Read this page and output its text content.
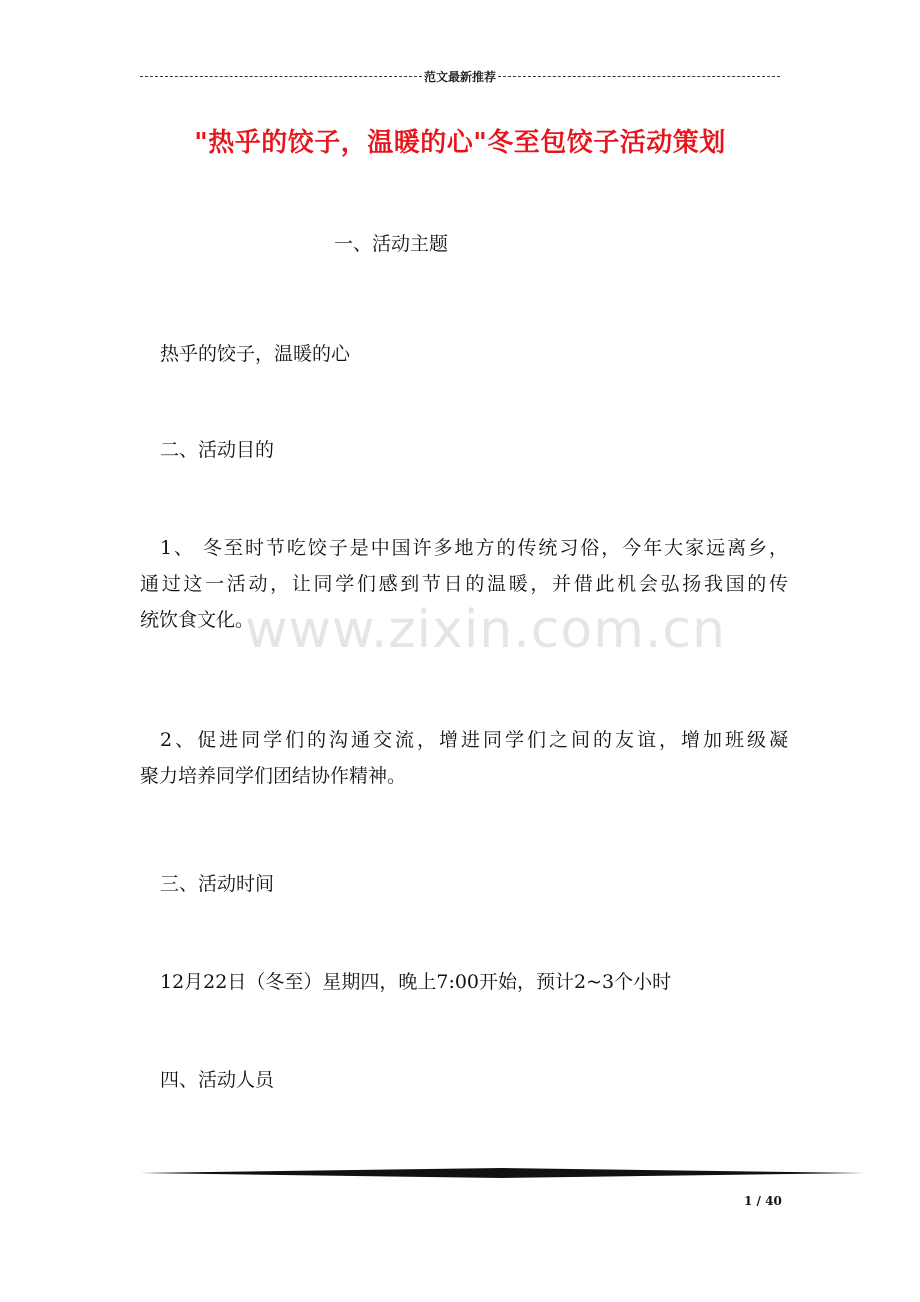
范文最新推荐
"热乎的饺子，温暖的心"冬至包饺子活动策划
一、活动主题
热乎的饺子，温暖的心
二、活动目的
1、 冬至时节吃饺子是中国许多地方的传统习俗，今年大家远离乡，
通过这一活动，让同学们感到节日的温暖，并借此机会弘扬我国的传
统饮食文化。
2、促进同学们的沟通交流，增进同学们之间的友谊，增加班级凝
聚力培养同学们团结协作精神。
三、活动时间
12月22日（冬至）星期四，晚上7:00开始，预计2~3个小时
四、活动人员
www.zixin.com.cn
1 / 40
